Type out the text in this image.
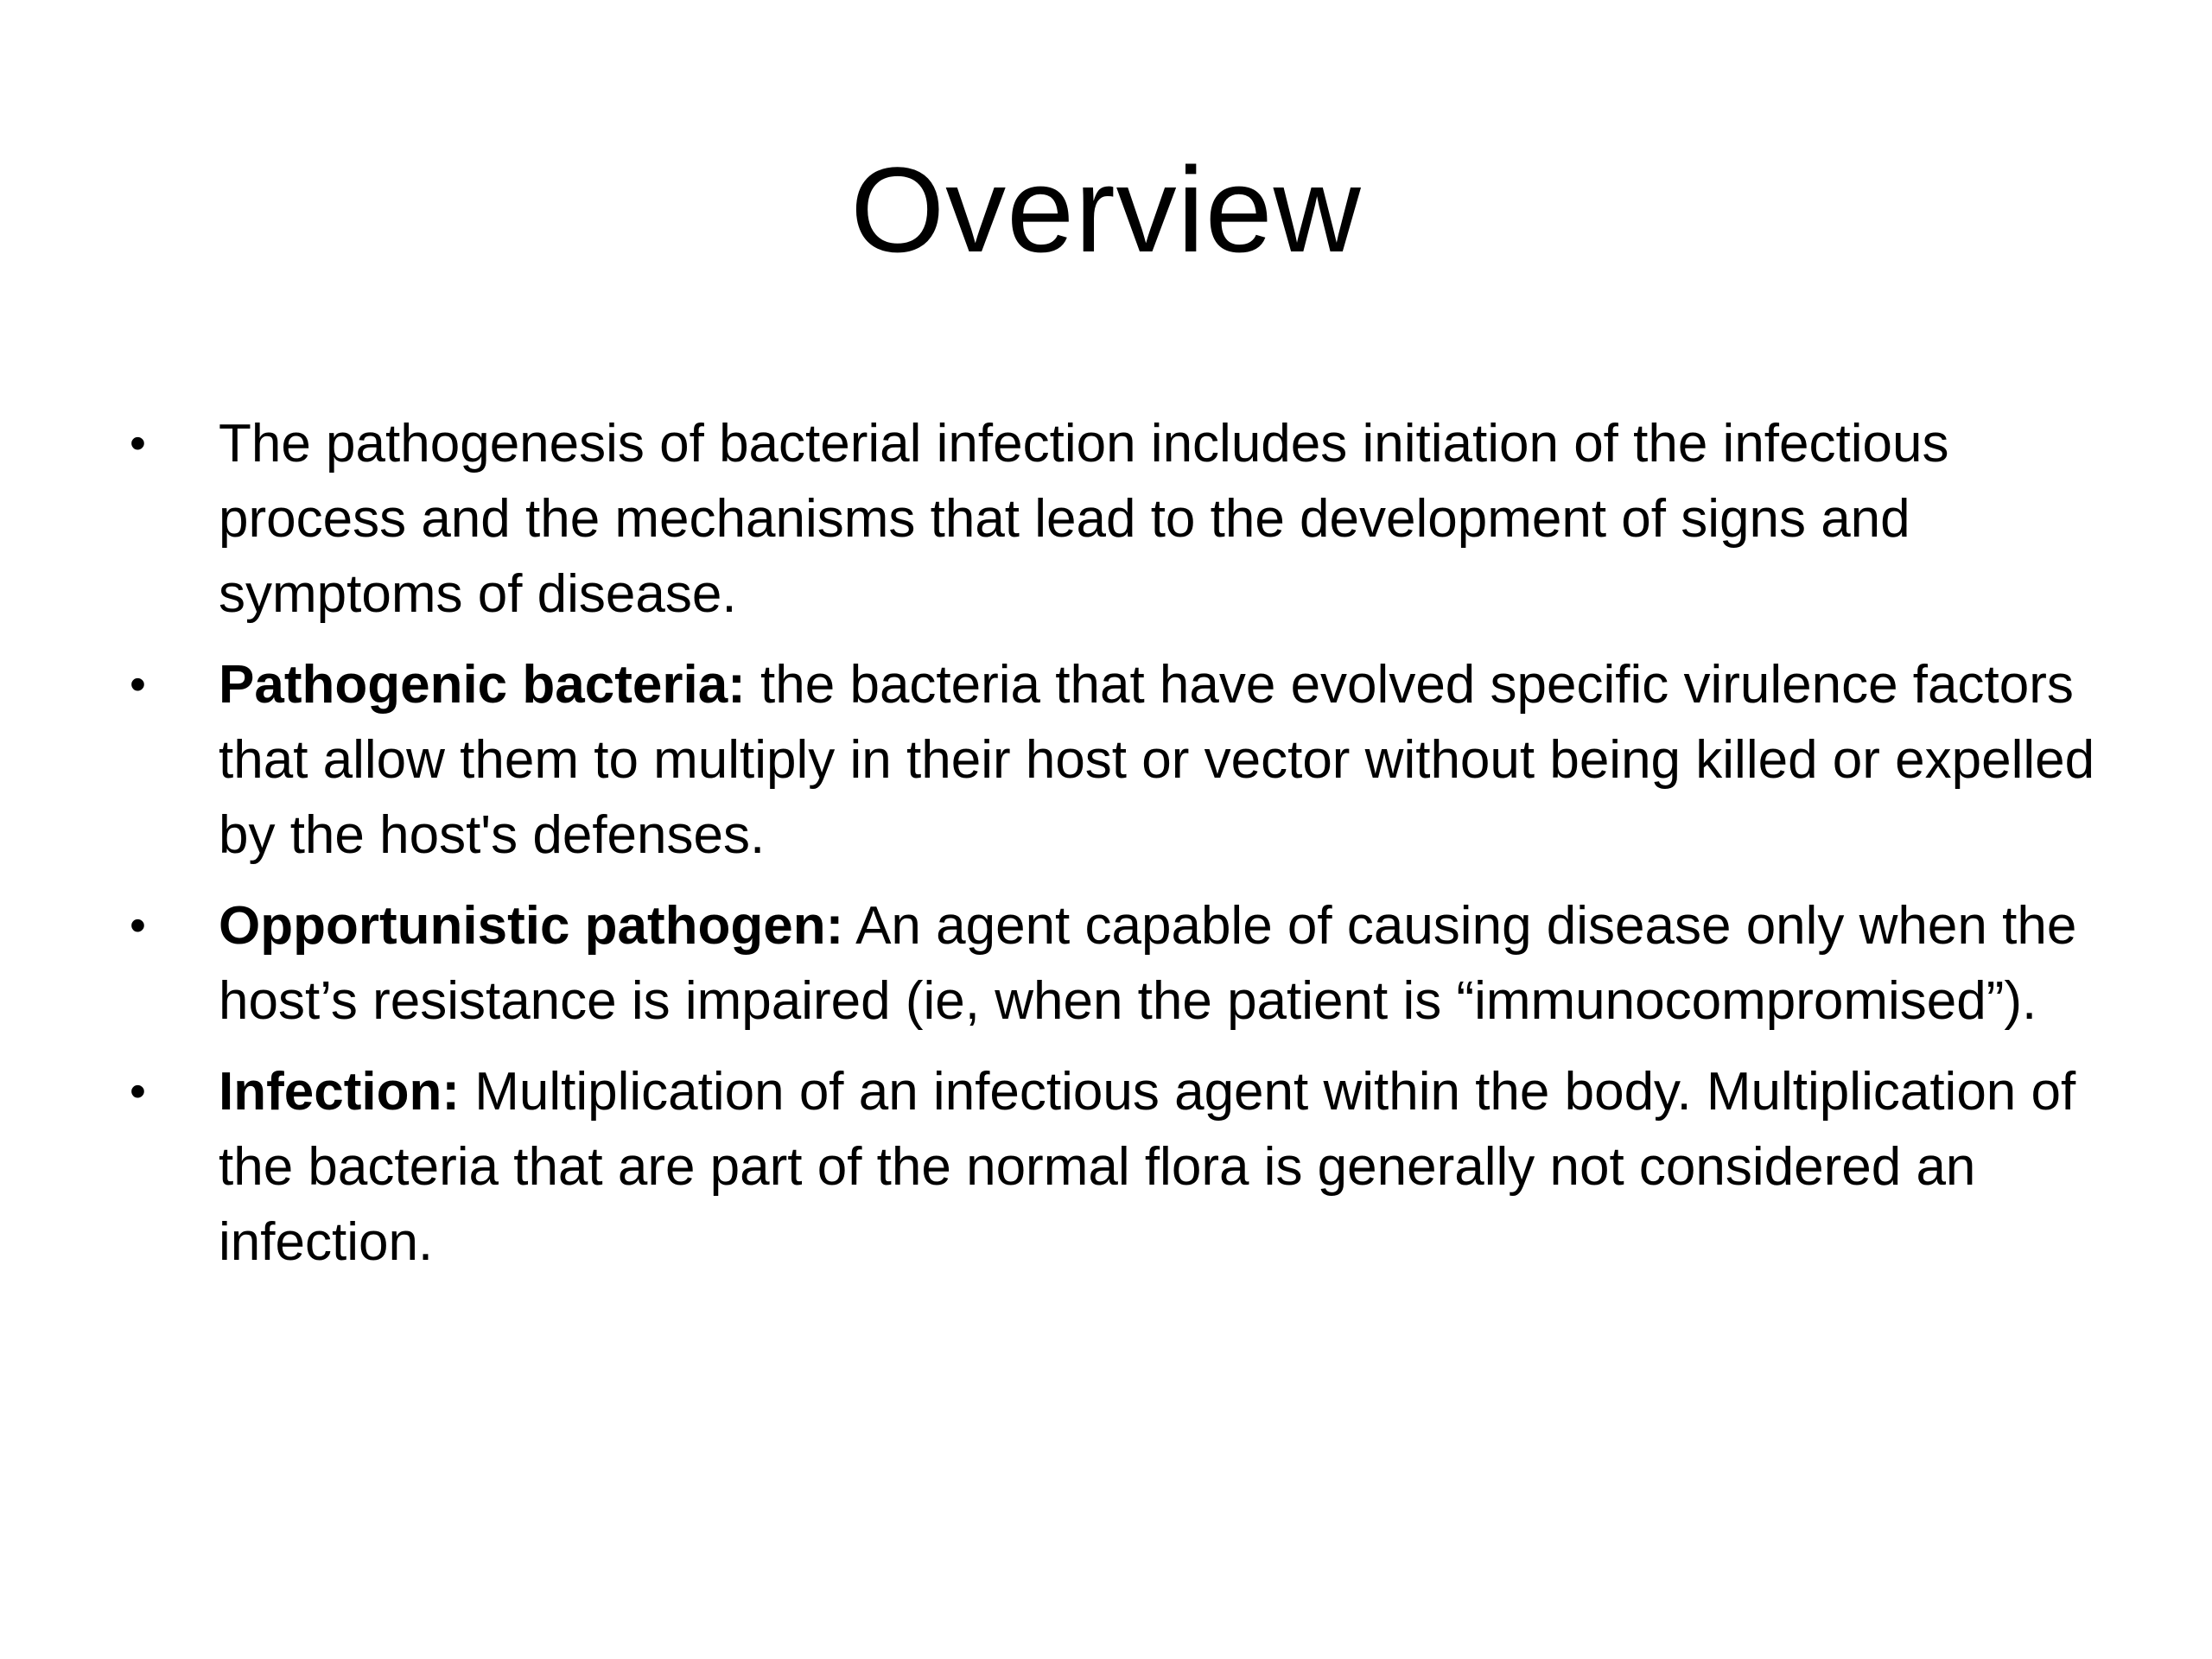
Overview
•	The pathogenesis of bacterial infection includes initiation of the infectious process and the mechanisms that lead to the development of signs and symptoms of disease.
•	Pathogenic bacteria: the bacteria that have evolved specific virulence factors that allow them to multiply in their host or vector without being killed or expelled by the host's defenses.
•	Opportunistic pathogen: An agent capable of causing disease only when the host’s resistance is impaired (ie, when the patient is “immunocompromised”).
•	Infection: Multiplication of an infectious agent within the body. Multiplication of the bacteria that are part of the normal flora is generally not considered an infection.
